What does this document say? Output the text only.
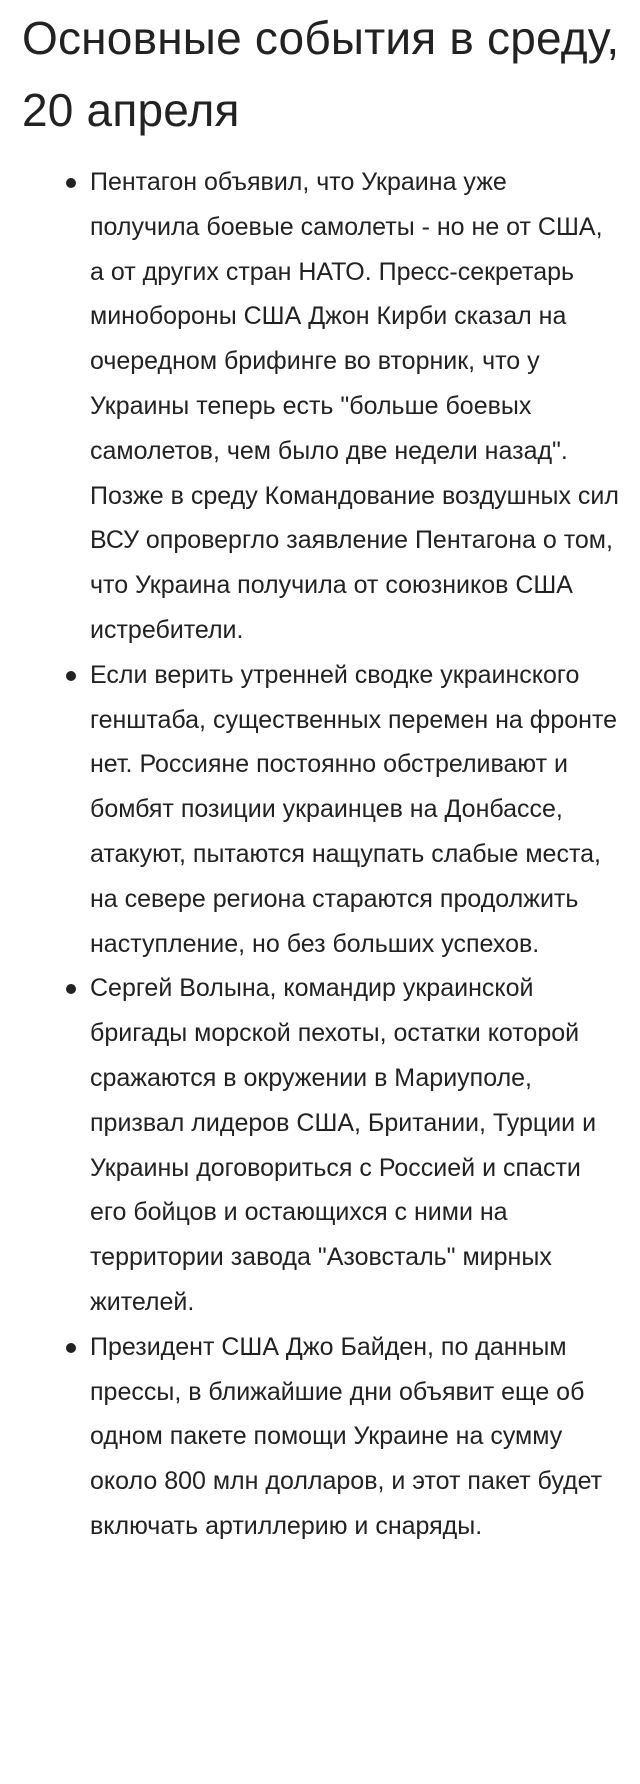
Основные события в среду, 20 апреля
Пентагон объявил, что Украина уже получила боевые самолеты - но не от США, а от других стран НАТО. Пресс-секретарь минобороны США Джон Кирби сказал на очередном брифинге во вторник, что у Украины теперь есть "больше боевых самолетов, чем было две недели назад". Позже в среду Командование воздушных сил ВСУ опровергло заявление Пентагона о том, что Украина получила от союзников США истребители.
Если верить утренней сводке украинского генштаба, существенных перемен на фронте нет. Россияне постоянно обстреливают и бомбят позиции украинцев на Донбассе, атакуют, пытаются нащупать слабые места, на севере региона стараются продолжить наступление, но без больших успехов.
Сергей Волына, командир украинской бригады морской пехоты, остатки которой сражаются в окружении в Мариуполе, призвал лидеров США, Британии, Турции и Украины договориться с Россией и спасти его бойцов и остающихся с ними на территории завода "Азовсталь" мирных жителей.
Президент США Джо Байден, по данным прессы, в ближайшие дни объявит еще об одном пакете помощи Украине на сумму около 800 млн долларов, и этот пакет будет включать артиллерию и снаряды.
